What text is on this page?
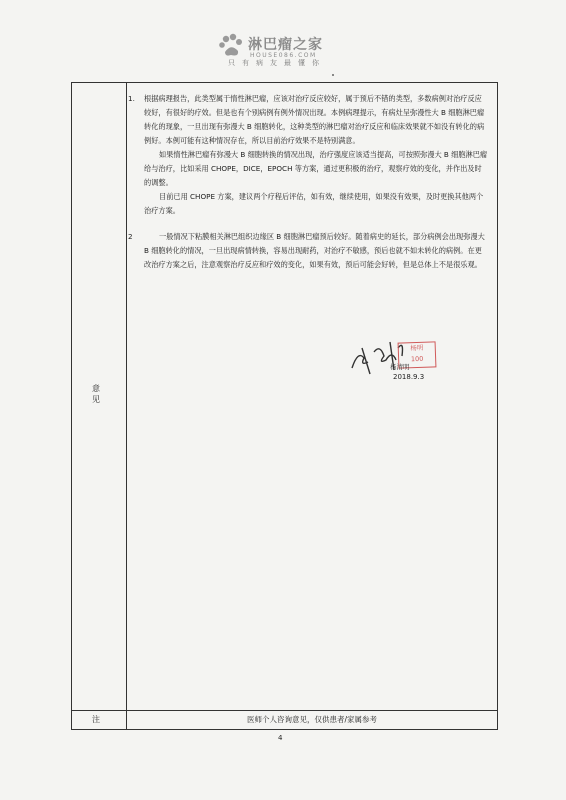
淋巴瘤之家
HOUSE086.COM
只有病友最懂你
意见
注	医师个人咨询意见，仅供患者/家属参考
1. 根据病理报告，此类型属于惰性淋巴瘤，应该对治疗反应较好，属于预后不错的类型，多数病例对治疗反应较好，有很好的疗效。但是也有个别病例有例外情况出现。本例病理提示，有病灶呈弥漫性大 B 细胞淋巴瘤转化的现象，一旦出现有弥漫大 B 细胞转化，这种类型的淋巴瘤对治疗反应和临床效果就不如没有转化的病例好。本例可能有这种情况存在，所以目前治疗效果不是特别满意。

如果惰性淋巴瘤有弥漫大 B 细胞转换的情况出现，治疗强度应该适当提高，可按照弥漫大 B 细胞淋巴瘤给与治疗，比如采用 CHOPE，DICE，EPOCH 等方案，通过更积极的治疗，观察疗效的变化，并作出及时的调整。

目前已用 CHOPE 方案，建议两个疗程后评估，如有效，继续使用，如果没有效果，及时更换其他两个治疗方案。

2	一般情况下粘膜相关淋巴组织边缘区 B 细胞淋巴瘤预后较好。随着病史的延长，部分病例会出现弥漫大 B 细胞转化的情况，一旦出现病情转换，容易出现耐药，对治疗不敏感，预后也就不如未转化的病例。在更改治疗方案之后，注意观察治疗反应和疗效的变化，如果有效，预后可能会好转，但是总体上不是很乐观。

杨明
100
杨清明
2018.9.3
4
